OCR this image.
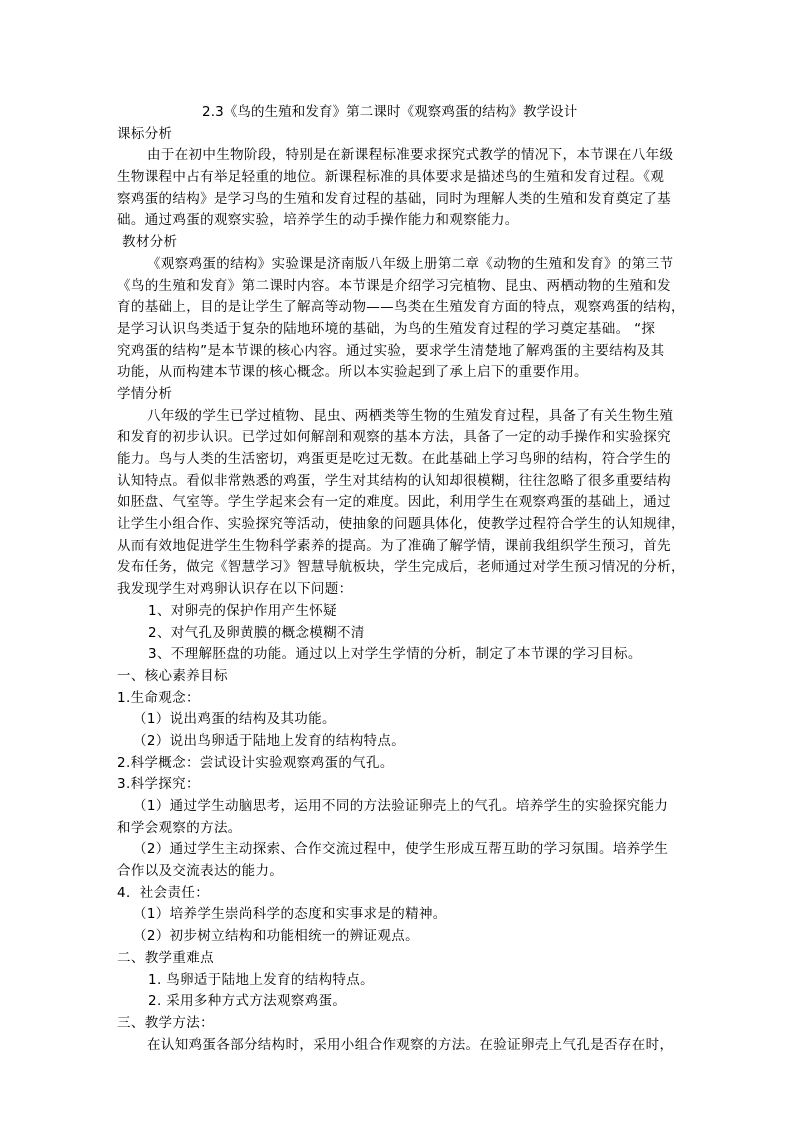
2.3《鸟的生殖和发育》第二课时《观察鸡蛋的结构》教学设计
课标分析
由于在初中生物阶段，特别是在新课程标准要求探究式教学的情况下，本节课在八年级
生物课程中占有举足轻重的地位。新课程标准的具体要求是描述鸟的生殖和发育过程。《观
察鸡蛋的结构》是学习鸟的生殖和发育过程的基础，同时为理解人类的生殖和发育奠定了基
础。通过鸡蛋的观察实验，培养学生的动手操作能力和观察能力。
教材分析
《观察鸡蛋的结构》实验课是济南版八年级上册第二章《动物的生殖和发育》的第三节
《鸟的生殖和发育》第二课时内容。本节课是介绍学习完植物、昆虫、两栖动物的生殖和发
育的基础上，目的是让学生了解高等动物——鸟类在生殖发育方面的特点，观察鸡蛋的结构，
是学习认识鸟类适于复杂的陆地环境的基础，为鸟的生殖发育过程的学习奠定基础。 “探
究鸡蛋的结构”是本节课的核心内容。通过实验，要求学生清楚地了解鸡蛋的主要结构及其
功能，从而构建本节课的核心概念。所以本实验起到了承上启下的重要作用。
学情分析
八年级的学生已学过植物、昆虫、两栖类等生物的生殖发育过程，具备了有关生物生殖
和发育的初步认识。已学过如何解剖和观察的基本方法，具备了一定的动手操作和实验探究
能力。鸟与人类的生活密切，鸡蛋更是吃过无数。在此基础上学习鸟卵的结构，符合学生的
认知特点。看似非常熟悉的鸡蛋，学生对其结构的认知却很模糊，往往忽略了很多重要结构
如胚盘、气室等。学生学起来会有一定的难度。因此，利用学生在观察鸡蛋的基础上，通过
让学生小组合作、实验探究等活动，使抽象的问题具体化，使教学过程符合学生的认知规律，
从而有效地促进学生生物科学素养的提高。为了准确了解学情，课前我组织学生预习，首先
发布任务，做完《智慧学习》智慧导航板块，学生完成后，老师通过对学生预习情况的分析，
我发现学生对鸡卵认识存在以下问题：
1、对卵壳的保护作用产生怀疑
2、对气孔及卵黄膜的概念模糊不清
3、不理解胚盘的功能。通过以上对学生学情的分析，制定了本节课的学习目标。
一、核心素养目标
1.生命观念：
（1）说出鸡蛋的结构及其功能。
（2）说出鸟卵适于陆地上发育的结构特点。
2.科学概念：尝试设计实验观察鸡蛋的气孔。
3.科学探究：
（1）通过学生动脑思考，运用不同的方法验证卵壳上的气孔。培养学生的实验探究能力
和学会观察的方法。
（2）通过学生主动探索、合作交流过程中，使学生形成互帮互助的学习氛围。培养学生
合作以及交流表达的能力。
4．社会责任：
（1）培养学生崇尚科学的态度和实事求是的精神。
（2）初步树立结构和功能相统一的辨证观点。
二、教学重难点
1. 鸟卵适于陆地上发育的结构特点。
2. 采用多种方式方法观察鸡蛋。
三、教学方法：
在认知鸡蛋各部分结构时，采用小组合作观察的方法。在验证卵壳上气孔是否存在时，
